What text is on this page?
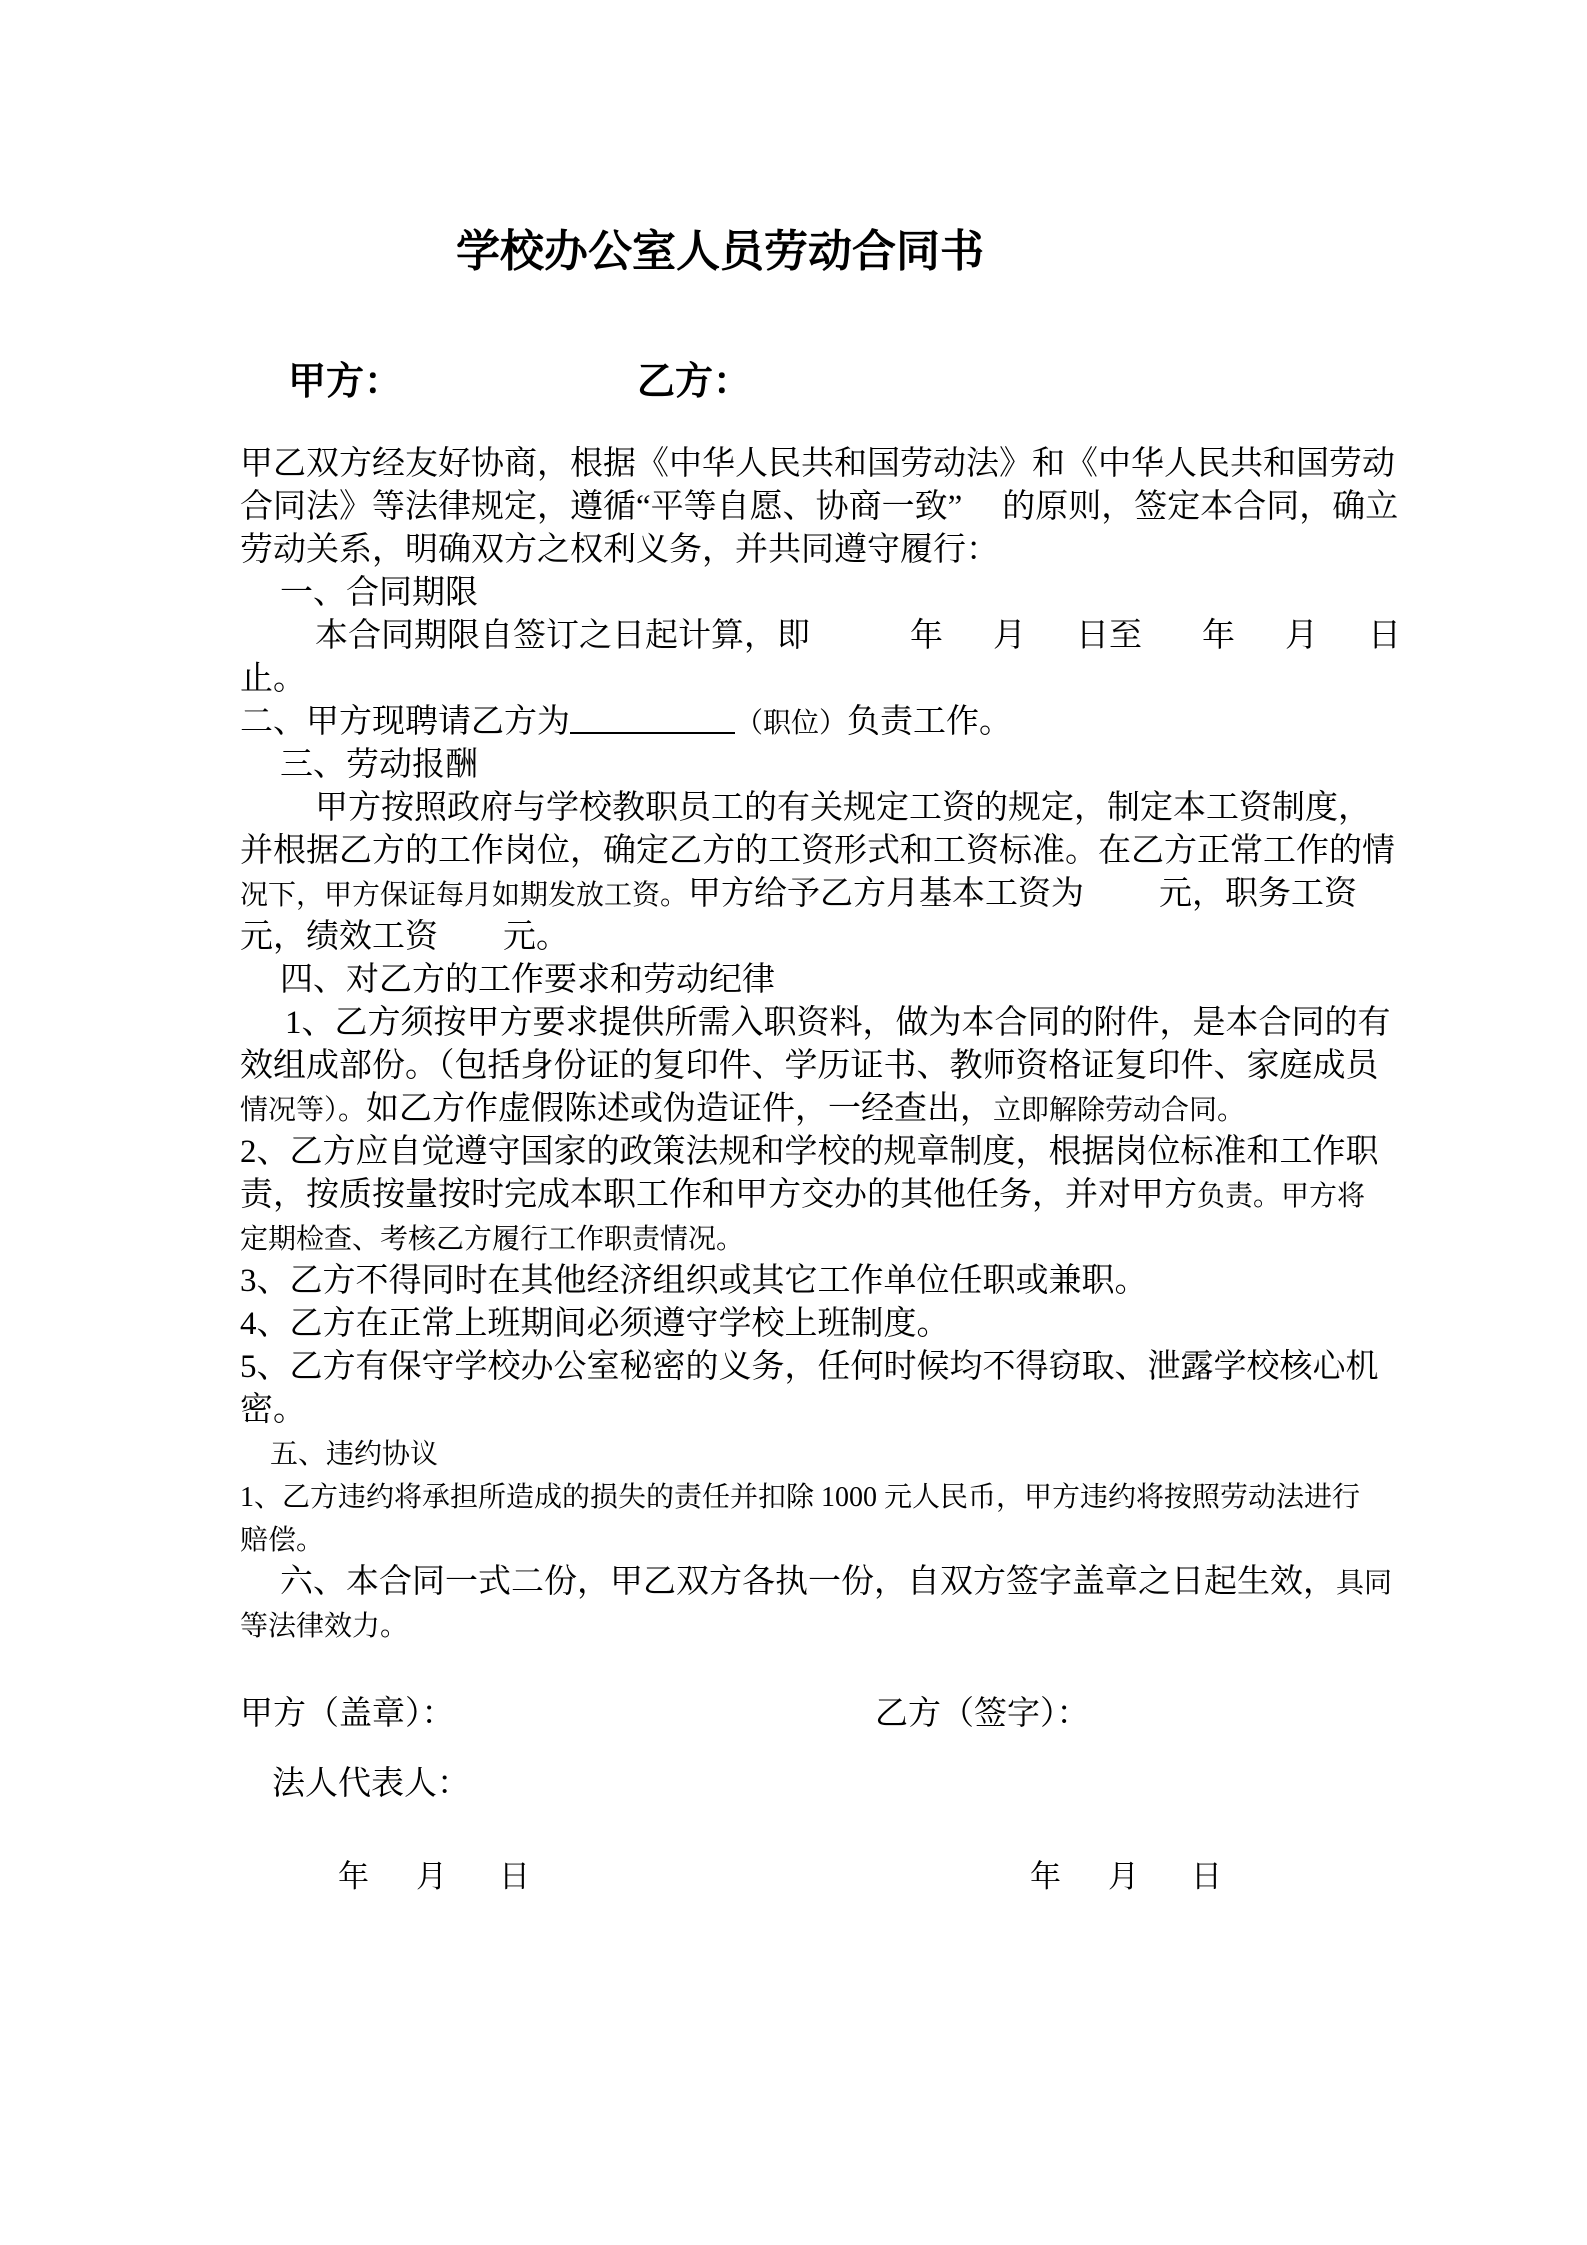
学校办公室人员劳动合同书
甲方：	乙方：
甲乙双方经友好协商，根据《中华人民共和国劳动法》和《中华人民共和国劳动
合同法》等法律规定，遵循“平等自愿、协商一致” 的原则，签定本合同，确立
劳动关系，明确双方之权利义务，并共同遵守履行：
一、合同期限
本合同期限自签订之日起计算，即	年 月 日至 年 月 日
止。
二、甲方现聘请乙方为	（职位）负责工作。
三、劳动报酬
甲方按照政府与学校教职员工的有关规定工资的规定，制定本工资制度，
并根据乙方的工作岗位，确定乙方的工资形式和工资标准。在乙方正常工作的情
况下，甲方保证每月如期发放工资。甲方给予乙方月基本工资为 元，职务工资
元，绩效工资 元。
四、对乙方的工作要求和劳动纪律
1、乙方须按甲方要求提供所需入职资料，做为本合同的附件，是本合同的有
效组成部份。（包括身份证的复印件、学历证书、教师资格证复印件、家庭成员
情况等）。如乙方作虚假陈述或伪造证件，一经查出，立即解除劳动合同。
2、乙方应自觉遵守国家的政策法规和学校的规章制度，根据岗位标准和工作职
责，按质按量按时完成本职工作和甲方交办的其他任务，并对甲方负责。甲方将
定期检查、考核乙方履行工作职责情况。
3、乙方不得同时在其他经济组织或其它工作单位任职或兼职。
4、乙方在正常上班期间必须遵守学校上班制度。
5、乙方有保守学校办公室秘密的义务，任何时候均不得窃取、泄露学校核心机
密。
五、违约协议
1、乙方违约将承担所造成的损失的责任并扣除 1000 元人民币，甲方违约将按照劳动法进行
赔偿。
六、本合同一式二份，甲乙双方各执一份，自双方签字盖章之日起生效，具同
等法律效力。
甲方（盖章）：	乙方（签字）：
法人代表人：
年 月 日	年 月 日
